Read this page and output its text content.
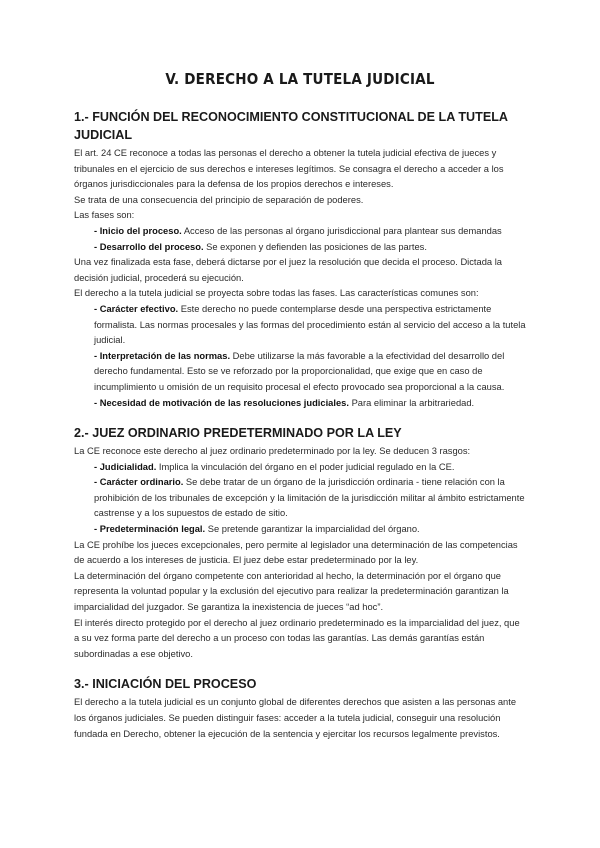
V. DERECHO A LA TUTELA JUDICIAL
1.- FUNCIÓN DEL RECONOCIMIENTO CONSTITUCIONAL DE LA TUTELA JUDICIAL

El art. 24 CE reconoce a todas las personas el derecho a obtener la tutela judicial efectiva de jueces y tribunales en el ejercicio de sus derechos e intereses legítimos. Se consagra el derecho a acceder a los órganos jurisdiccionales para la defensa de los propios derechos e intereses.

Se trata de una consecuencia del principio de separación de poderes.

Las fases son:

- Inicio del proceso. Acceso de las personas al órgano jurisdiccional para plantear sus demandas
- Desarrollo del proceso. Se exponen y defienden las posiciones de las partes.

Una vez finalizada esta fase, deberá dictarse por el juez la resolución que decida el proceso. Dictada la decisión judicial, procederá su ejecución.

El derecho a la tutela judicial se proyecta sobre todas las fases. Las características comunes son:

- Carácter efectivo. Este derecho no puede contemplarse desde una perspectiva estrictamente formalista. Las normas procesales y las formas del procedimiento están al servicio del acceso a la tutela judicial.
- Interpretación de las normas. Debe utilizarse la más favorable a la efectividad del desarrollo del derecho fundamental. Esto se ve reforzado por la proporcionalidad, que exige que en caso de incumplimiento u omisión de un requisito procesal el efecto provocado sea proporcional a la causa.
- Necesidad de motivación de las resoluciones judiciales. Para eliminar la arbitrariedad.
2.- JUEZ ORDINARIO PREDETERMINADO POR LA LEY

La CE reconoce este derecho al juez ordinario predeterminado por la ley. Se deducen 3 rasgos:

- Judicialidad. Implica la vinculación del órgano en el poder judicial regulado en la CE.
- Carácter ordinario. Se debe tratar de un órgano de la jurisdicción ordinaria - tiene relación con la prohibición de los tribunales de excepción y la limitación de la jurisdicción militar al ámbito estrictamente castrense y a los supuestos de estado de sitio.
- Predeterminación legal. Se pretende garantizar la imparcialidad del órgano.

La CE prohíbe los jueces excepcionales, pero permite al legislador una determinación de las competencias de acuerdo a los intereses de justicia. El juez debe estar predeterminado por la ley.

La determinación del órgano competente con anterioridad al hecho, la determinación por el órgano que representa la voluntad popular y la exclusión del ejecutivo para realizar la predeterminación garantizan la imparcialidad del juzgador. Se garantiza la inexistencia de jueces “ad hoc”.

El interés directo protegido por el derecho al juez ordinario predeterminado es la imparcialidad del juez, que a su vez forma parte del derecho a un proceso con todas las garantías. Las demás garantías están subordinadas a ese objetivo.

3.- INICIACIÓN DEL PROCESO

El derecho a la tutela judicial es un conjunto global de diferentes derechos que asisten a las personas ante los órganos judiciales. Se pueden distinguir fases: acceder a la tutela judicial, conseguir una resolución fundada en Derecho, obtener la ejecución de la sentencia y ejercitar los recursos legalmente previstos.
